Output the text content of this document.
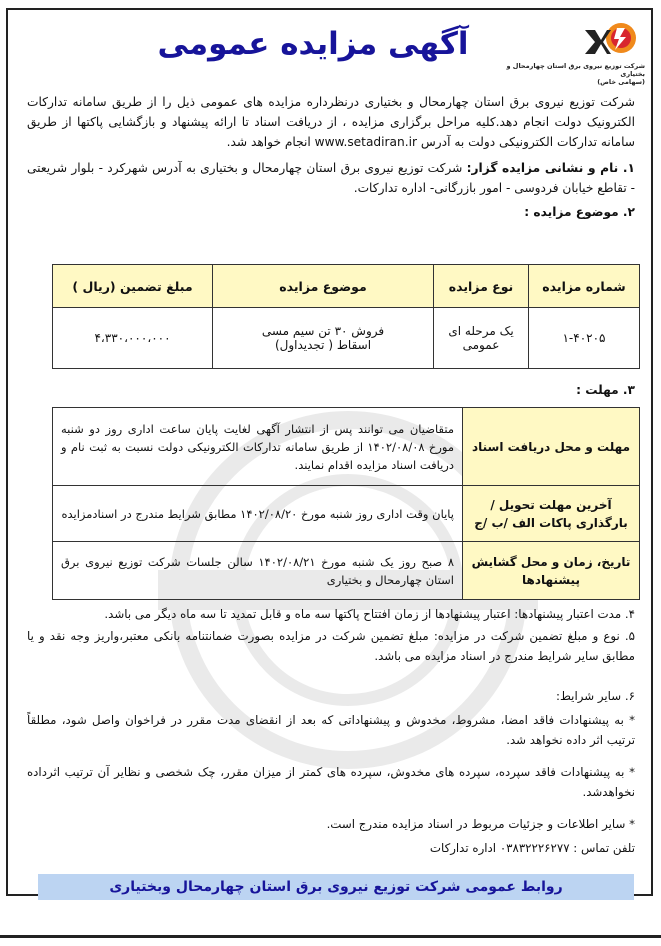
آگهی مزایده عمومی
شرکت توزیع نیروی برق استان چهارمحال و بختیاری
(سهامی خاص)
شرکت توزیع نیروی برق استان چهارمحال و بختیاری درنظرداره مزایده های عمومی ذیل را از طریق سامانه تدارکات الکترونیک دولت انجام دهد.کلیه مراحل برگزاری مزایده ، از دریافت اسناد تا ارائه پیشنهاد و بازگشایی پاکتها از طریق سامانه تدارکات الکترونیکی دولت به آدرس www.setadiran.ir انجام خواهد شد.
۱. نام و نشانی مزایده گزار: شرکت توزیع نیروی برق استان چهارمحال و بختیاری به آدرس شهرکرد - بلوار شریعتی - تقاطع خیابان فردوسی - امور بازرگانی- اداره تدارکات.
۲. موضوع مزایده :
شماره مزایده	نوع مزایده	موضوع مزایده	مبلغ تضمین (ریال )
۱-۴۰۲۰۵	یک مرحله ای عمومی	فروش ۳۰ تن سیم مسی اسقاط ( تجدیداول)	۴،۳۳۰،۰۰۰،۰۰۰
۳. مهلت :
مهلت و محل دریافت اسناد	متقاضیان می توانند پس از انتشار آگهی لغایت پایان ساعت اداری روز دو شنبه مورخ ۱۴۰۲/۰۸/۰۸ از طریق سامانه تدارکات الکترونیکی دولت نسبت به ثبت نام و دریافت اسناد مزایده اقدام نمایند.
آخرین مهلت تحویل / بارگذاری پاکات الف /ب /ج	پایان وقت اداری روز شنبه مورخ ۱۴۰۲/۰۸/۲۰ مطابق شرایط مندرج در اسنادمزایده
تاریخ، زمان و محل گشایش پیشنهادها	۸ صبح روز یک شنبه مورخ ۱۴۰۲/۰۸/۲۱ سالن جلسات شرکت توزیع نیروی برق استان چهارمحال و بختیاری
۴. مدت اعتبار پیشنهادها: اعتبار پیشنهادها از زمان افتتاح پاکتها سه ماه و قابل تمدید تا سه ماه دیگر می باشد.
۵. نوع و مبلغ تضمین شرکت در مزایده: مبلغ تضمین شرکت در مزایده بصورت ضمانتنامه بانکی معتبر،واریز وجه نقد و یا مطابق سایر شرایط مندرج در اسناد مزایده می باشد.
۶. سایر شرایط:
* به پیشنهادات فاقد امضا، مشروط، مخدوش و پیشنهاداتی که بعد از انقضای مدت مقرر در فراخوان واصل شود، مطلقاً ترتیب اثر داده نخواهد شد.
* به پیشنهادات فاقد سپرده، سپرده های مخدوش، سپرده های کمتر از میزان مقرر، چک شخصی و نظایر آن ترتیب اثرداده نخواهدشد.
* سایر اطلاعات و جزئیات مربوط در اسناد مزایده مندرج است.
تلفن تماس : ۰۳۸۳۲۲۲۶۲۷۷ اداره تدارکات
روابط عمومی شرکت توزیع نیروی برق استان چهارمحال وبختیاری
